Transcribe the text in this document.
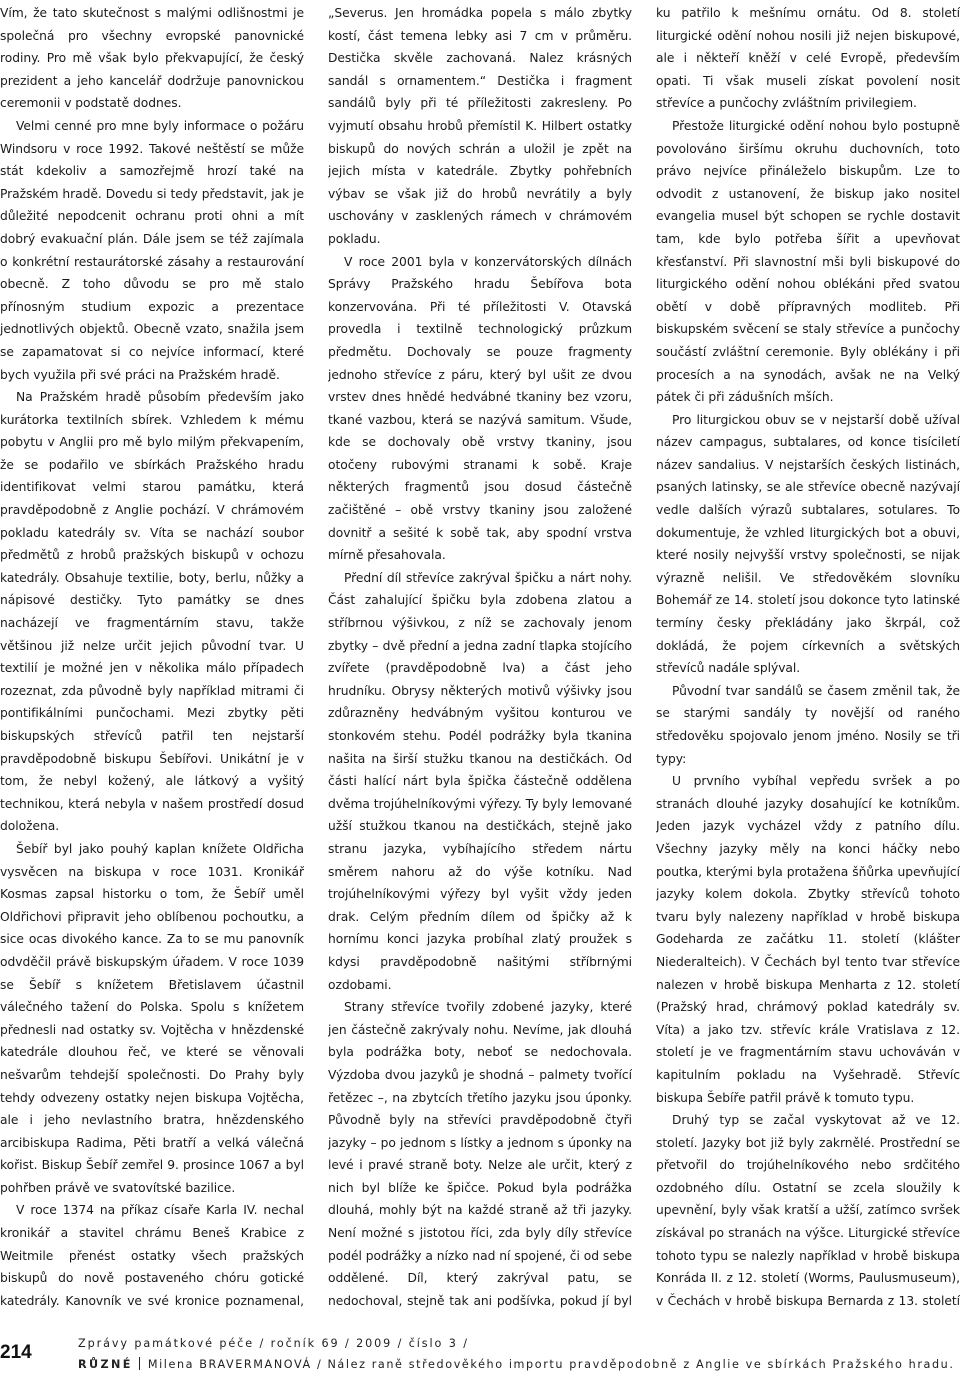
Vím, že tato skutečnost s malými odlišnostmi je společná pro všechny evropské panovnické rodiny. Pro mě však bylo překvapující, že český prezident a jeho kancelář dodržuje panovnickou ceremonii v podstatě dodnes.

Velmi cenné pro mne byly informace o požáru Windsoru v roce 1992. Takové neštěstí se může stát kdekoliv a samozřejmě hrozí také na Pražském hradě. Dovedu si tedy představit, jak je důležité nepodcenit ochranu proti ohni a mít dobrý evakuační plán. Dále jsem se též zajímala o konkrétní restaurátorské zásahy a restaurování obecně. Z toho důvodu se pro mě stalo přínosným studium expozic a prezentace jednotlivých objektů. Obecně vzato, snažila jsem se zapamatovat si co nejvíce informací, které bych využila při své práci na Pražském hradě.

Na Pražském hradě působím především jako kurátorka textilních sbírek. Vzhledem k mému pobytu v Anglii pro mě bylo milým překvapením, že se podařilo ve sbírkách Pražského hradu identifikovat velmi starou památku, která pravděpodobně z Anglie pochází. V chrámovém pokladu katedrály sv. Víta se nachází soubor předmětů z hrobů pražských biskupů v ochozu katedrály. Obsahuje textilie, boty, berlu, nůžky a nápisové destičky. Tyto památky se dnes nacházejí ve fragmentárním stavu, takže většinou již nelze určit jejich původní tvar. U textilií je možné jen v několika málo případech rozeznat, zda původně byly například mitrami či pontifikálními punčochami. Mezi zbytky pěti biskupských střevíců patřil ten nejstarší pravděpodobně biskupu Šebířovi. Unikátní je v tom, že nebyl kožený, ale látkový a vyšitý technikou, která nebyla v našem prostředí dosud doložena.

Šebíř byl jako pouhý kaplan knížete Oldřicha vysvěcen na biskupa v roce 1031. Kronikář Kosmas zapsal historku o tom, že Šebíř uměl Oldřichovi připravit jeho oblíbenou pochoutku, a sice ocas divokého kance. Za to se mu panovník odvděčil právě biskupským úřadem. V roce 1039 se Šebíř s knížetem Břetislavem účastnil válečného tažení do Polska. Spolu s knížetem přednesli nad ostatky sv. Vojtěcha v hnězdenské katedrále dlouhou řeč, ve které se věnovali nešvarům tehdejší společnosti. Do Prahy byly tehdy odvezeny ostatky nejen biskupa Vojtěcha, ale i jeho nevlastního bratra, hnězdenského arcibiskupa Radima, Pěti bratří a velká válečná kořist. Biskup Šebíř zemřel 9. prosince 1067 a byl pohřben právě ve svatovítské bazilice.

V roce 1374 na příkaz císaře Karla IV. nechal kronikář a stavitel chrámu Beneš Krabice z Weitmile přenést ostatky všech pražských biskupů do nově postaveného chóru gotické katedrály. Kanovník ve své kronice poznamenal,

„Severus. Jen hromádka popela s málo zbytky kostí, část temena lebky asi 7 cm v průměru. Destička skvěle zachovaná. Nalez krásných sandál s ornamentem.“ Destička i fragment sandálů byly při té příležitosti zakresleny. Po vyjmutí obsahu hrobů přemístil K. Hilbert ostatky biskupů do nových schrán a uložil je zpět na jejich místa v katedrále. Zbytky pohřebních výbav se však již do hrobů nevrátily a byly uschovány v zasklených rámech v chrámovém pokladu.

V roce 2001 byla v konzervátorských dílnách Správy Pražského hradu Šebířova bota konzervována. Při té příležitosti V. Otavská provedla i textilně technologický průzkum předmětu. Dochovaly se pouze fragmenty jednoho střevíce z páru, který byl ušit ze dvou vrstev dnes hnědé hedvábné tkaniny bez vzoru, tkané vazbou, která se nazývá samitum. Všude, kde se dochovaly obě vrstvy tkaniny, jsou otočeny rubovými stranami k sobě. Kraje některých fragmentů jsou dosud částečně začištěné – obě vrstvy tkaniny jsou založené dovnitř a sešité k sobě tak, aby spodní vrstva mírně přesahovala.

Přední díl střevíce zakrýval špičku a nárt nohy. Část zahalující špičku byla zdobena zlatou a stříbrnou výšivkou, z níž se zachovaly jenom zbytky – dvě přední a jedna zadní tlapka stojícího zvířete (pravděpodobně lva) a část jeho hrudníku. Obrysy některých motivů výšivky jsou zdůrazněny hedvábným vyšitou konturou ve stonkovém stehu. Podél podrážky byla tkanina našita na širší stužku tkanou na destičkách. Od části halící nárt byla špička částečně oddělena dvěma trojúhelníkovými výřezy. Ty byly lemované užší stužkou tkanou na destičkách, stejně jako stranu jazyka, vybíhajícího středem nártu směrem nahoru až do výše kotníku. Nad trojúhelníkovými výřezy byl vyšit vždy jeden drak. Celým předním dílem od špičky až k hornímu konci jazyka probíhal zlatý proužek s kdysi pravděpodobně našitými stříbrnými ozdobami.

Strany střevíce tvořily zdobené jazyky, které jen částečně zakrývaly nohu. Nevíme, jak dlouhá byla podrážka boty, neboť se nedochovala. Výzdoba dvou jazyků je shodná – palmety tvořící řetězec –, na zbytcích třetího jazyku jsou úponky. Původně byly na střevíci pravděpodobně čtyři jazyky – po jednom s lístky a jednom s úponky na levé i pravé straně boty. Nelze ale určit, který z nich byl blíže ke špičce. Pokud byla podrážka dlouhá, mohly být na každé straně až tři jazyky. Není možné s jistotou říci, zda byly díly střevíce podél podrážky a nízko nad ní spojené, či od sebe oddělené. Díl, který zakrýval patu, se nedochoval, stejně tak ani podšívka, pokud jí byl

ku patřilo k mešnímu ornátu. Od 8. století liturgické odění nohou nosili již nejen biskupové, ale i někteří kněží v celé Evropě, především opati. Ti však museli získat povolení nosit střevíce a punčochy zvláštním privilegiem.

Přestože liturgické odění nohou bylo postupně povolováno širšímu okruhu duchovních, toto právo nejvíce přináleželo biskupům. Lze to odvodit z ustanovení, že biskup jako nositel evangelia musel být schopen se rychle dostavit tam, kde bylo potřeba šířit a upevňovat křesťanství. Při slavnostní mši byli biskupové do liturgického odění nohou oblékáni před svatou obětí v době přípravných modliteb. Při biskupském svěcení se staly střevíce a punčochy součástí zvláštní ceremonie. Byly oblékány i při procesích a na synodách, avšak ne na Velký pátek či při zádušních mších.

Pro liturgickou obuv se v nejstarší době užíval název campagus, subtalares, od konce tisíciletí název sandalius. V nejstarších českých listinách, psaných latinsky, se ale střevíce obecně nazývají vedle dalších výrazů subtalares, sotulares. To dokumentuje, že vzhled liturgických bot a obuvi, které nosily nejvyšší vrstvy společnosti, se nijak výrazně nelišil. Ve středověkém slovníku Bohemář ze 14. století jsou dokonce tyto latinské termíny česky překládány jako škrpál, což dokládá, že pojem církevních a světských střevíců nadále splýval.

Původní tvar sandálů se časem změnil tak, že se starými sandály ty novější od raného středověku spojovalo jenom jméno. Nosily se tři typy:

U prvního vybíhal vepředu svršek a po stranách dlouhé jazyky dosahující ke kotníkům. Jeden jazyk vycházel vždy z patního dílu. Všechny jazyky měly na konci háčky nebo poutka, kterými byla protažena šňůrka upevňující jazyky kolem dokola. Zbytky střevíců tohoto tvaru byly nalezeny například v hrobě biskupa Godeharda ze začátku 11. století (klášter Niederalteich). V Čechách byl tento tvar střevíce nalezen v hrobě biskupa Menharta z 12. století (Pražský hrad, chrámový poklad katedrály sv. Víta) a jako tzv. střevíc krále Vratislava z 12. století je ve fragmentárním stavu uchováván v kapitulním pokladu na Vyšehradě. Střevíc biskupa Šebíře patřil právě k tomuto typu.

Druhý typ se začal vyskytovat až ve 12. století. Jazyky bot již byly zakrnělé. Prostřední se přetvořil do trojúhelníkového nebo srdčitého ozdobného dílu. Ostatní se zcela sloužily k upevnění, byly však kratší a užší, zatímco svršek získával po stranách na výšce. Liturgické střevíce tohoto typu se nalezly například v hrobě biskupa Konráda II. z 12. století (Worms, Paulusmuseum), v Čechách v hrobě biskupa Bernarda z 13. století

214	Zprávy památkové péče / ročník 69 / 2009 / číslo 3 /
RŮZNÉ Milena BRAVERMANOVÁ / Nález raně středověkého importu pravděpodobně z Anglie ve sbírkách Pražského hradu.
